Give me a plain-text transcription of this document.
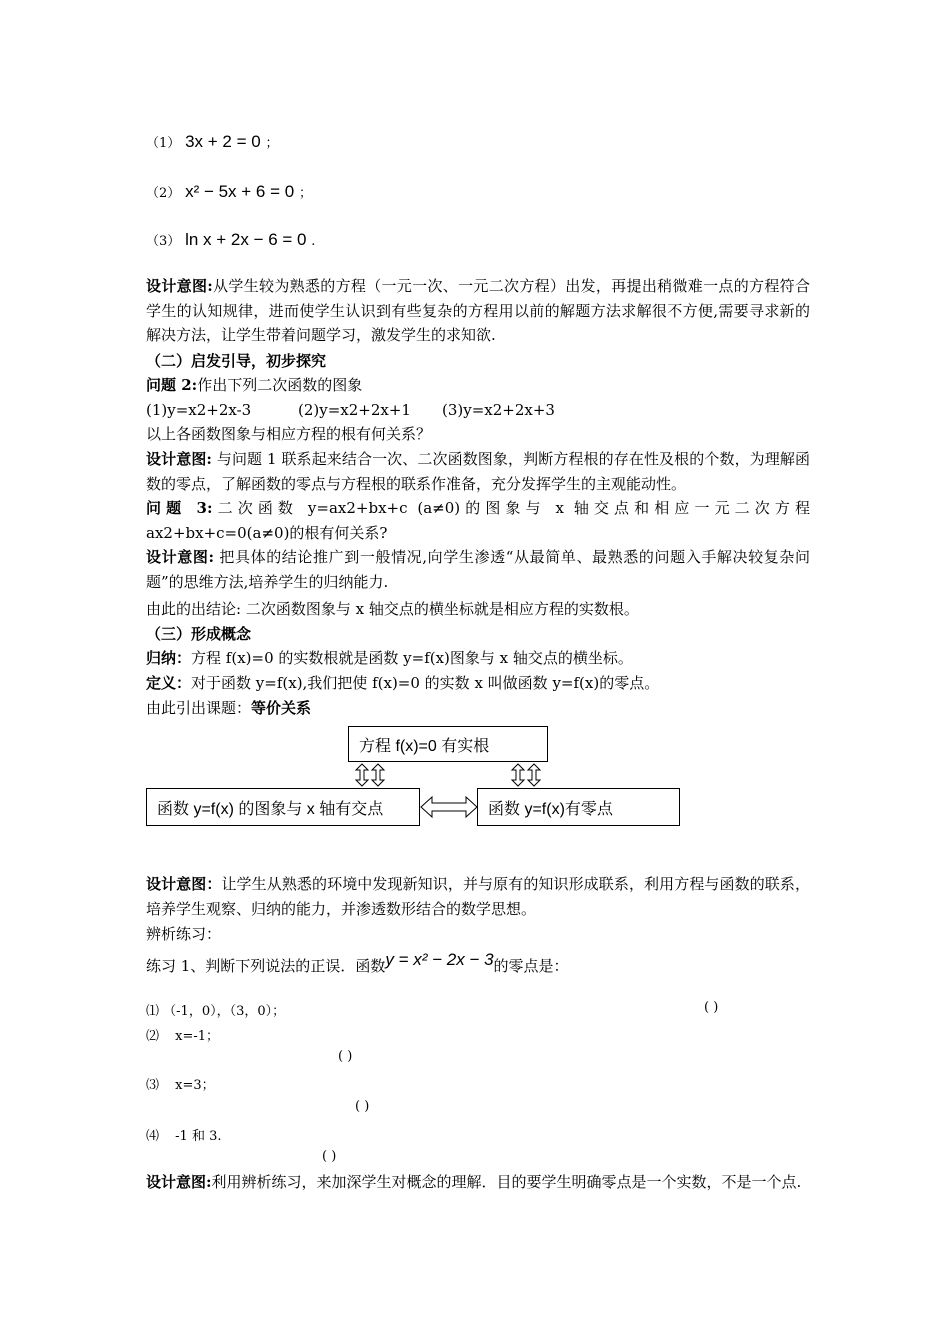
（1） 3x + 2 = 0 ；
（2） x² − 5x + 6 = 0 ；
（3） ln x + 2x − 6 = 0 .
设计意图:从学生较为熟悉的方程（一元一次、一元二次方程）出发，再提出稍微难一点的方程符合学生的认知规律，进而使学生认识到有些复杂的方程用以前的解题方法求解很不方便,需要寻求新的解决方法，让学生带着问题学习，激发学生的求知欲.
（二）启发引导，初步探究
问题 2:作出下列二次函数的图象
(1)y=x2+2x-3	(2)y=x2+2x+1 (3)y=x2+2x+3
以上各函数图象与相应方程的根有何关系？
设计意图: 与问题 1 联系起来结合一次、二次函数图象，判断方程根的存在性及根的个数，为理解函数的零点，了解函数的零点与方程根的联系作准备，充分发挥学生的主观能动性。
问题 3:二次函数 y=ax2+bx+c (a≠0)的图象与 x 轴交点和相应一元二次方程 ax2+bx+c=0(a≠0)的根有何关系?
设计意图: 把具体的结论推广到一般情况,向学生渗透“从最简单、最熟悉的问题入手解决较复杂问题”的思维方法,培养学生的归纳能力.
由此的出结论: 二次函数图象与 x 轴交点的横坐标就是相应方程的实数根。
（三）形成概念
归纳：方程 f(x)=0 的实数根就是函数 y=f(x)图象与 x 轴交点的横坐标。
定义：对于函数 y=f(x),我们把使 f(x)=0 的实数 x 叫做函数 y=f(x)的零点。
由此引出课题：等价关系
方程 f(x)=0 有实根
函数 y=f(x) 的图象与 x 轴有交点	函数 y=f(x)有零点
设计意图：让学生从熟悉的环境中发现新知识，并与原有的知识形成联系，利用方程与函数的联系，培养学生观察、归纳的能力，并渗透数形结合的数学思想。
辨析练习：
练习 1、判断下列说法的正误．函数y = x² − 2x − 3的零点是：
⑴ （-1，0），（3，0）；	( )
⑵ x=-1；
( )
⑶ x=3；
( )
⑷ -1 和 3.
( )
设计意图:利用辨析练习，来加深学生对概念的理解．目的要学生明确零点是一个实数，不是一个点.
